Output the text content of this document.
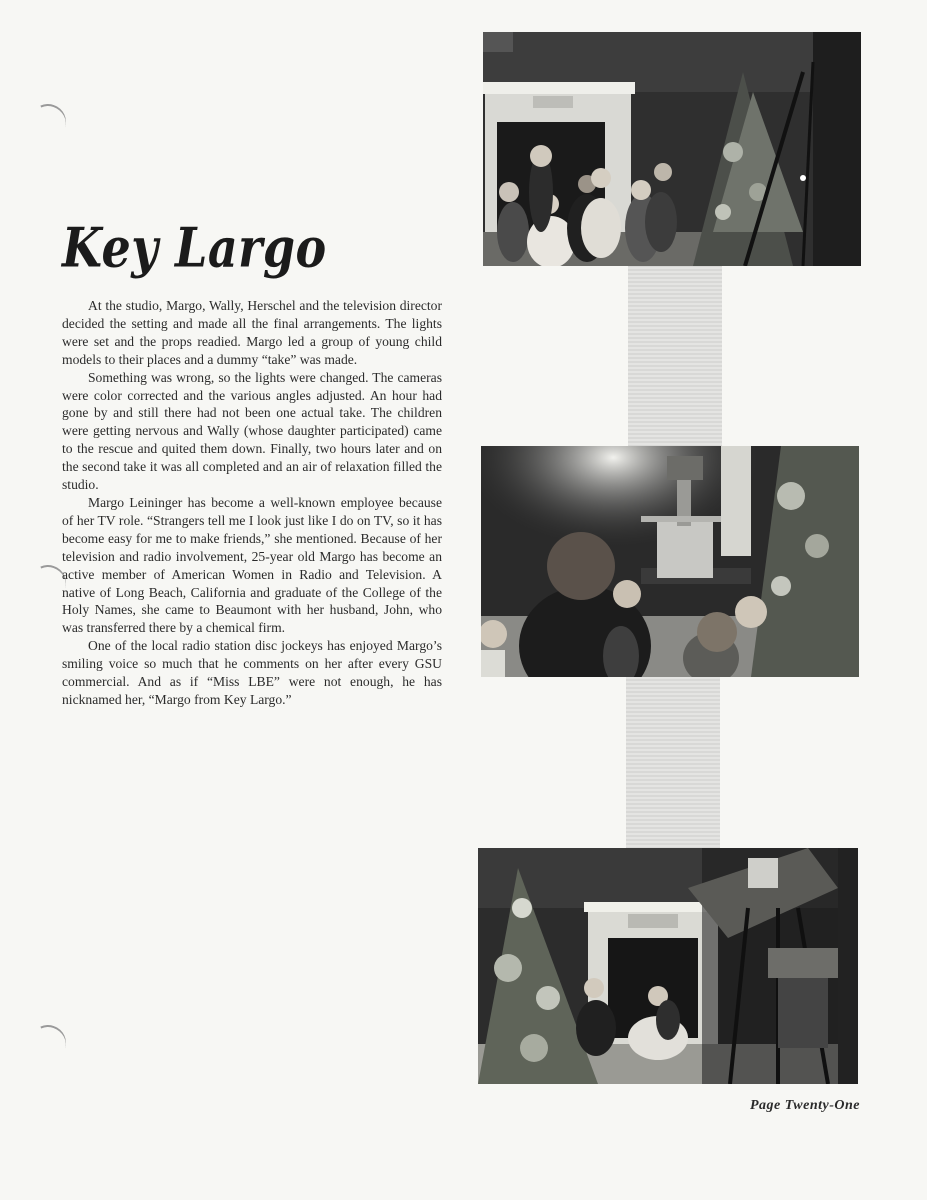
Key Largo

At the studio, Margo, Wally, Herschel and the television director decided the setting and made all the final arrangements. The lights were set and the props readied. Margo led a group of young child models to their places and a dummy “take” was made.

Something was wrong, so the lights were changed. The cameras were color corrected and the various angles adjusted. An hour had gone by and still there had not been one actual take. The children were getting nervous and Wally (whose daughter participated) came to the rescue and quited them down. Finally, two hours later and on the second take it was all completed and an air of relaxation filled the studio.

Margo Leininger has become a well-known employee because of her TV role. “Strangers tell me I look just like I do on TV, so it has become easy for me to make friends,” she mentioned. Because of her television and radio involvement, 25-year old Margo has become an active member of American Women in Radio and Television. A native of Long Beach, California and graduate of the College of the Holy Names, she came to Beaumont with her husband, John, who was transferred there by a chemical firm.

One of the local radio station disc jockeys has enjoyed Margo’s smiling voice so much that he comments on her after every GSU commercial. And as if “Miss LBE” were not enough, he has nicknamed her, “Margo from Key Largo.”

Page Twenty-One
